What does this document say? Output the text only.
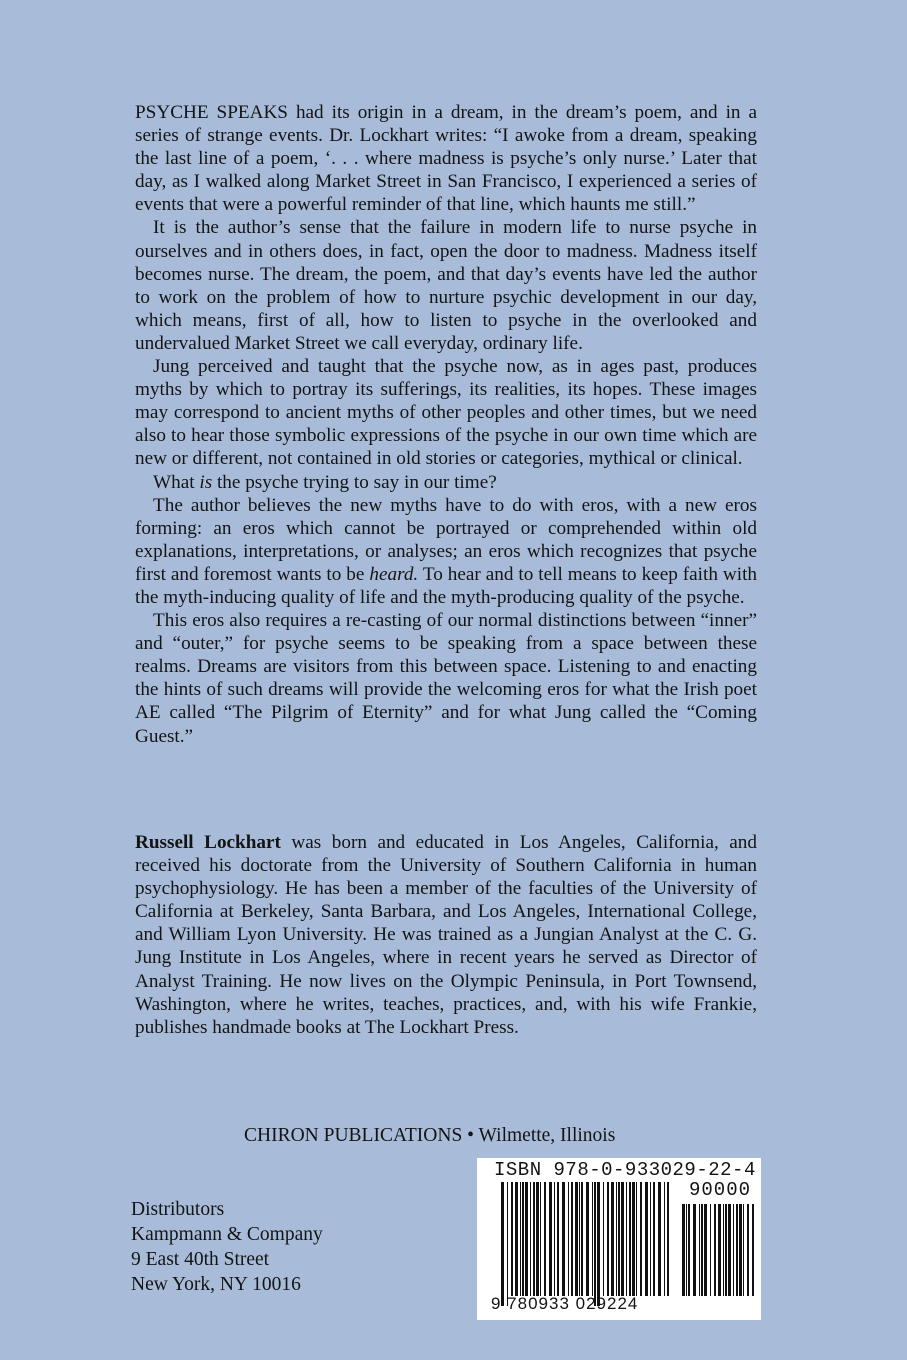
PSYCHE SPEAKS had its origin in a dream, in the dream’s poem, and in a series of strange events. Dr. Lockhart writes: “I awoke from a dream, speaking the last line of a poem, ‘. . . where madness is psyche’s only nurse.’ Later that day, as I walked along Market Street in San Francisco, I experienced a series of events that were a powerful reminder of that line, which haunts me still.”

It is the author’s sense that the failure in modern life to nurse psyche in ourselves and in others does, in fact, open the door to madness. Madness itself becomes nurse. The dream, the poem, and that day’s events have led the author to work on the problem of how to nurture psychic development in our day, which means, first of all, how to listen to psyche in the overlooked and undervalued Market Street we call everyday, ordinary life.

Jung perceived and taught that the psyche now, as in ages past, produces myths by which to portray its sufferings, its realities, its hopes. These images may correspond to ancient myths of other peoples and other times, but we need also to hear those symbolic expressions of the psyche in our own time which are new or different, not contained in old stories or categories, mythical or clinical.

What is the psyche trying to say in our time?

The author believes the new myths have to do with eros, with a new eros forming: an eros which cannot be portrayed or comprehended within old explanations, interpretations, or analyses; an eros which recognizes that psyche first and foremost wants to be heard. To hear and to tell means to keep faith with the myth-inducing quality of life and the myth-producing quality of the psyche.

This eros also requires a re-casting of our normal distinctions between “inner” and “outer,” for psyche seems to be speaking from a space between these realms. Dreams are visitors from this between space. Listening to and enacting the hints of such dreams will provide the welcoming eros for what the Irish poet AE called “The Pilgrim of Eternity” and for what Jung called the “Coming Guest.”

Russell Lockhart was born and educated in Los Angeles, California, and received his doctorate from the University of Southern California in human psychophysiology. He has been a member of the faculties of the University of California at Berkeley, Santa Barbara, and Los Angeles, International College, and William Lyon University. He was trained as a Jungian Analyst at the C. G. Jung Institute in Los Angeles, where in recent years he served as Director of Analyst Training. He now lives on the Olympic Peninsula, in Port Townsend, Washington, where he writes, teaches, practices, and, with his wife Frankie, publishes handmade books at The Lockhart Press.

CHIRON PUBLICATIONS • Wilmette, Illinois
Distributors
Kampmann & Company
9 East 40th Street
New York, NY 10016
ISBN 978-0-933029-22-4
90000
9 780933 029224
